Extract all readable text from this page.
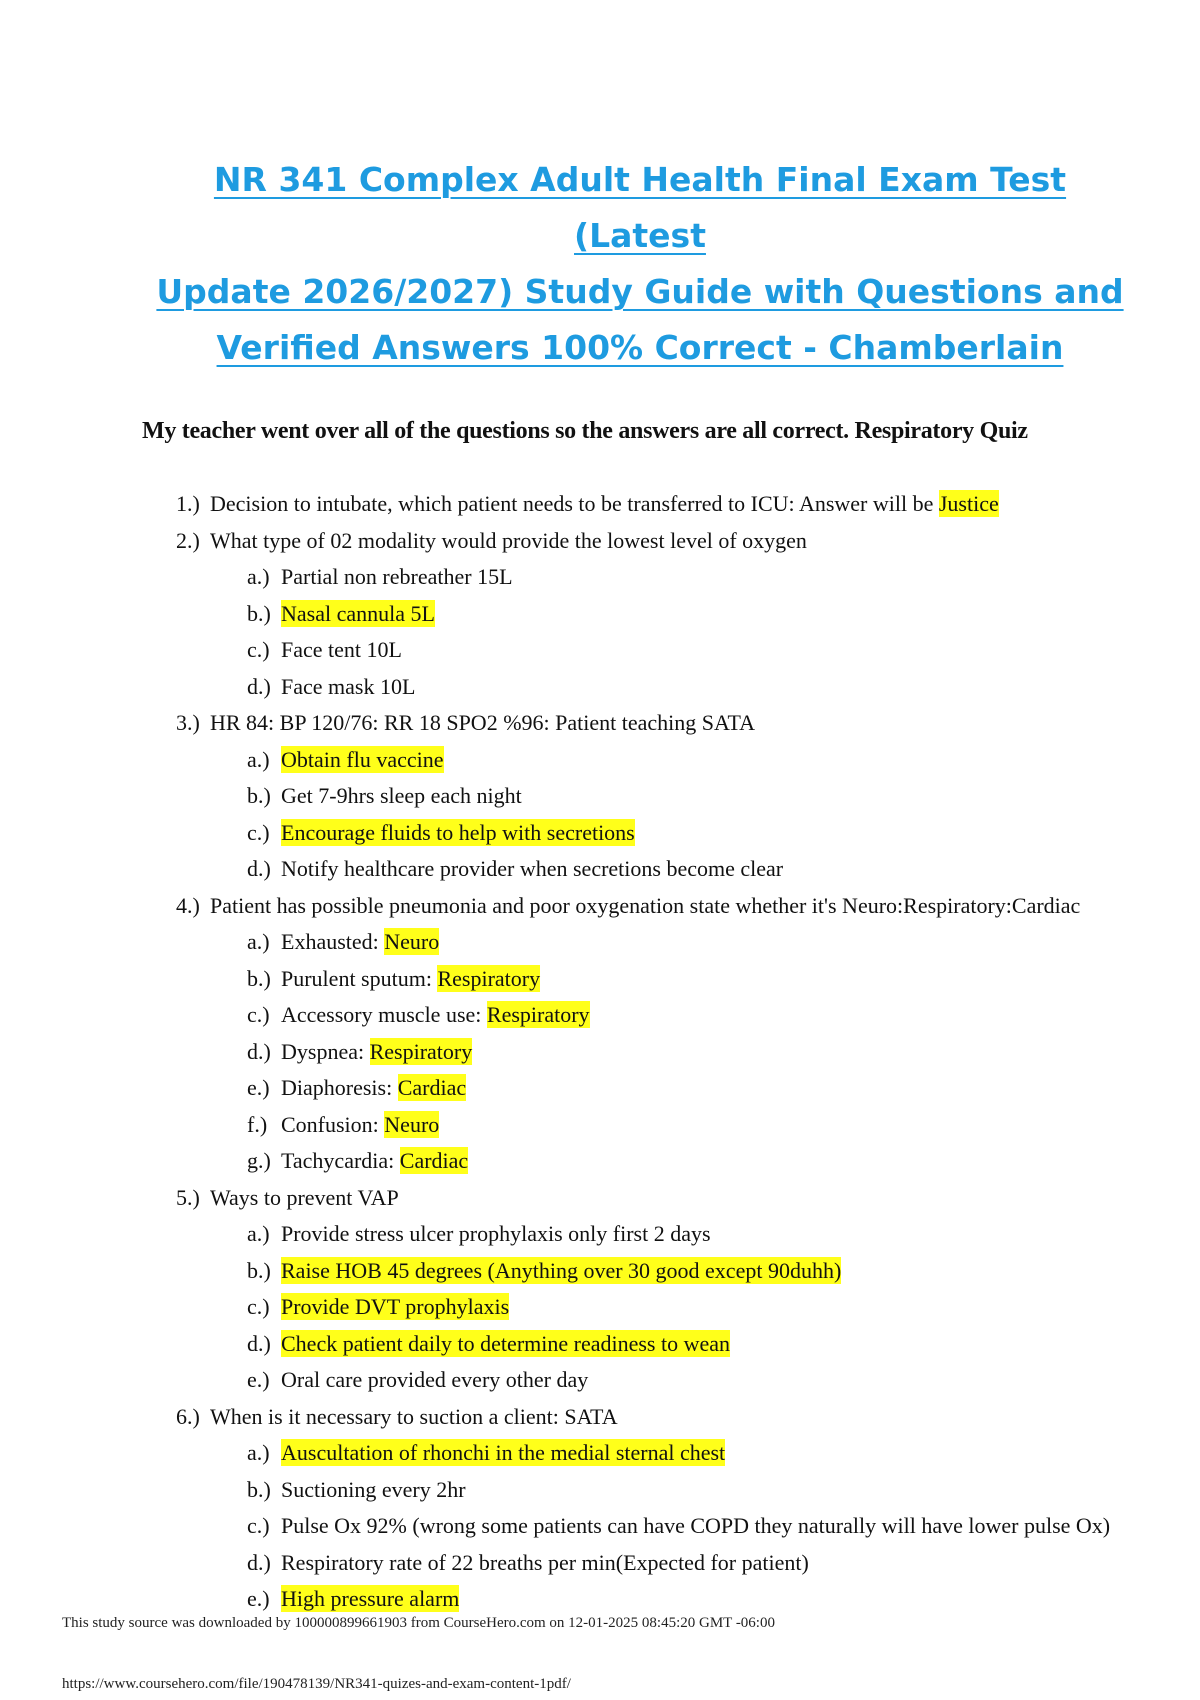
NR 341 Complex Adult Health Final Exam Test (Latest
Update 2026/2027) Study Guide with Questions and
Verified Answers 100% Correct - Chamberlain
My teacher went over all of the questions so the answers are all correct. Respiratory Quiz
1.) Decision to intubate, which patient needs to be transferred to ICU: Answer will be Justice
2.) What type of 02 modality would provide the lowest level of oxygen
a.) Partial non rebreather 15L
b.) Nasal cannula 5L
c.) Face tent 10L
d.) Face mask 10L
3.) HR 84: BP 120/76: RR 18 SPO2 %96: Patient teaching SATA
a.) Obtain flu vaccine
b.) Get 7-9hrs sleep each night
c.) Encourage fluids to help with secretions
d.) Notify healthcare provider when secretions become clear
4.) Patient has possible pneumonia and poor oxygenation state whether it's Neuro:Respiratory:Cardiac
a.) Exhausted: Neuro
b.) Purulent sputum: Respiratory
c.) Accessory muscle use: Respiratory
d.) Dyspnea: Respiratory
e.) Diaphoresis: Cardiac
f.) Confusion: Neuro
g.) Tachycardia: Cardiac
5.) Ways to prevent VAP
a.) Provide stress ulcer prophylaxis only first 2 days
b.) Raise HOB 45 degrees (Anything over 30 good except 90duhh)
c.) Provide DVT prophylaxis
d.) Check patient daily to determine readiness to wean
e.) Oral care provided every other day
6.) When is it necessary to suction a client: SATA
a.) Auscultation of rhonchi in the medial sternal chest
b.) Suctioning every 2hr
c.) Pulse Ox 92% (wrong some patients can have COPD they naturally will have lower pulse Ox)
d.) Respiratory rate of 22 breaths per min(Expected for patient)
e.) High pressure alarm
This study source was downloaded by 100000899661903 from CourseHero.com on 12-01-2025 08:45:20 GMT -06:00
https://www.coursehero.com/file/190478139/NR341-quizes-and-exam-content-1pdf/
